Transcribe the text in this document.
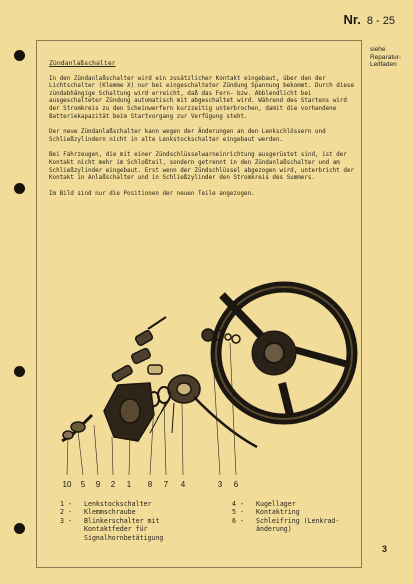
Nr. 8 - 25
siehe
Reparatur-
Leitfaden
Zündanlaßschalter

In den Zündanlaßschalter wird ein zusätzlicher Kontakt eingebaut, über den der Lichtschalter (Klemme X) nur bei eingeschalteter Zündung Spannung bekommt. Durch diese zündabhängige Schaltung wird erreicht, daß das Fern- bzw. Abblendlicht bei ausgeschalteter Zündung automatisch mit abgeschaltet wird. Während des Startens wird der Stromkreis zu den Scheinwerfern kurzzeitig unterbrochen, damit die vorhandene Batteriekapazität beim Startvorgang zur Verfügung steht.

Der neue Zündanlaßschalter kann wegen der Änderungen an den Lenkschlössern und Schließzylindern nicht in alte Lenkstockschalter eingebaut werden.

Bei Fahrzeugen, die mit einer Zündschlüsselwarneinrichtung ausgerüstet sind, ist der Kontakt nicht mehr im Schloßteil, sondern getrennt in den Zündanlaßschalter und am Schließzylinder eingebaut. Erst wenn der Zündschlüssel abgezogen wird, unterbricht der Kontakt in Anlaßschalter und in Schließzylinder den Stromkreis des Summers.

Im Bild sind nur die Positionen der neuen Teile angezogen.

10 5 9 2 1 8 7 4	3 6
1 -	Lenkstockschalter
2 -	Klemmschraube
3 -	Blinkerschalter mit
Kontaktfeder für
Signalhornbetätigung
4 -	Kugellager
5 -	Kontaktring
6 -	Schleifring (Lenkrad-
änderung)
3
